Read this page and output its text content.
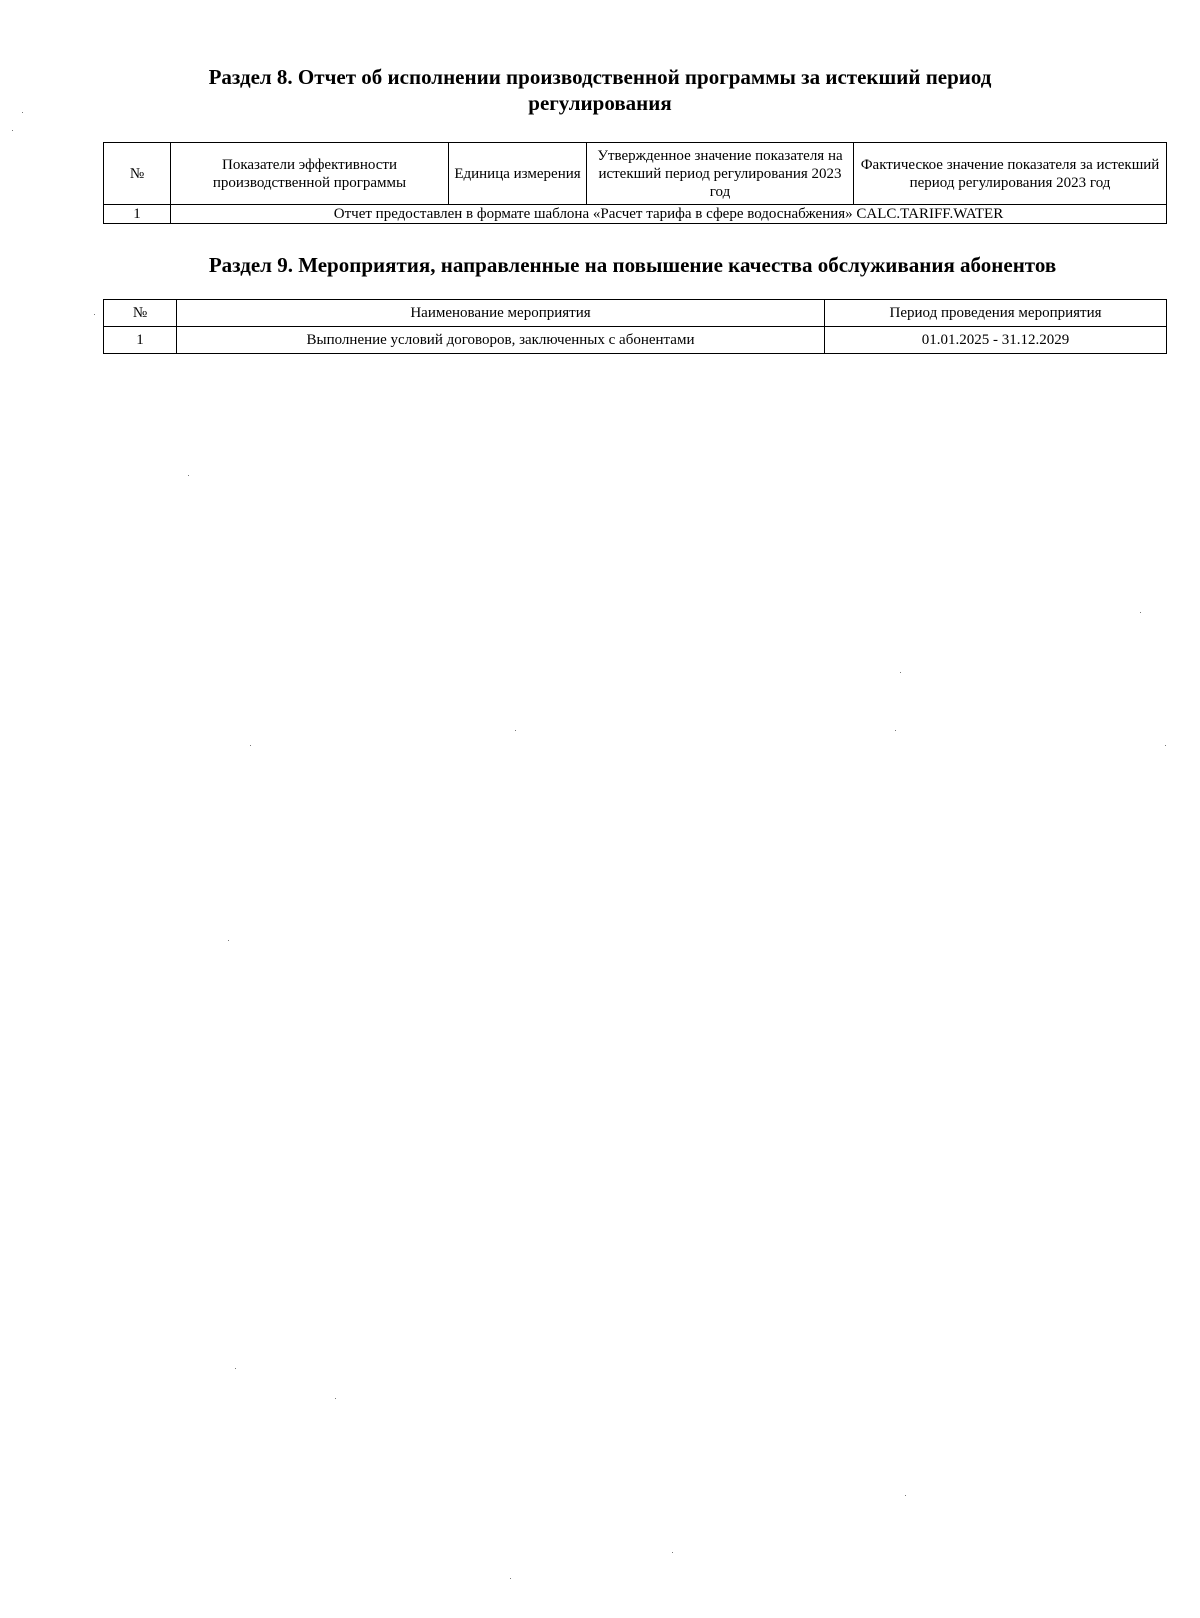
Раздел 8. Отчет об исполнении производственной программы за истекший период регулирования
№	Показатели эффективности производственной программы	Единица измерения	Утвержденное значение показателя на истекший период регулирования 2023 год	Фактическое значение показателя за истекший период регулирования 2023 год
1	Отчет предоставлен в формате шаблона «Расчет тарифа в сфере водоснабжения» CALC.TARIFF.WATER			
Раздел 9. Мероприятия, направленные на повышение качества обслуживания абонентов
№	Наименование мероприятия	Период проведения мероприятия
1	Выполнение условий договоров, заключенных с абонентами	01.01.2025 - 31.12.2029
